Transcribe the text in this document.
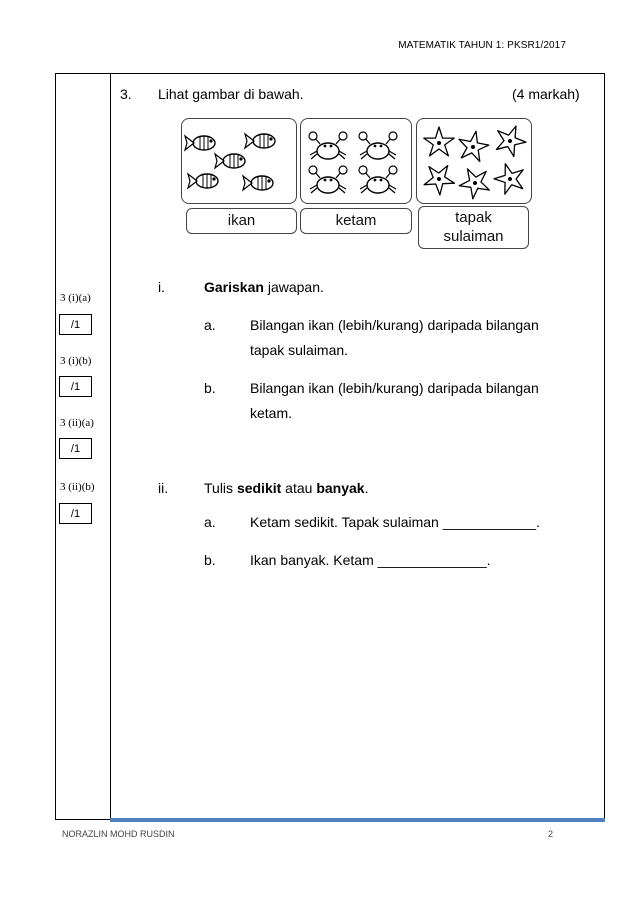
MATEMATIK TAHUN 1: PKSR1/2017
3 (i)(a)
/1
3 (i)(b)
/1
3 (ii)(a)
/1
3 (ii)(b)
/1
3. Lihat gambar di bawah.	(4 markah)
ikan	ketam	tapak
sulaiman
i.	Gariskan jawapan.
a. Bilangan ikan (lebih/kurang) daripada bilangan
tapak sulaiman.
b. Bilangan ikan (lebih/kurang) daripada bilangan
ketam.
ii.	Tulis sedikit atau banyak.
a. Ketam sedikit. Tapak sulaiman ____________.
b. Ikan banyak. Ketam ______________.
NORAZLIN MOHD RUSDIN	2
